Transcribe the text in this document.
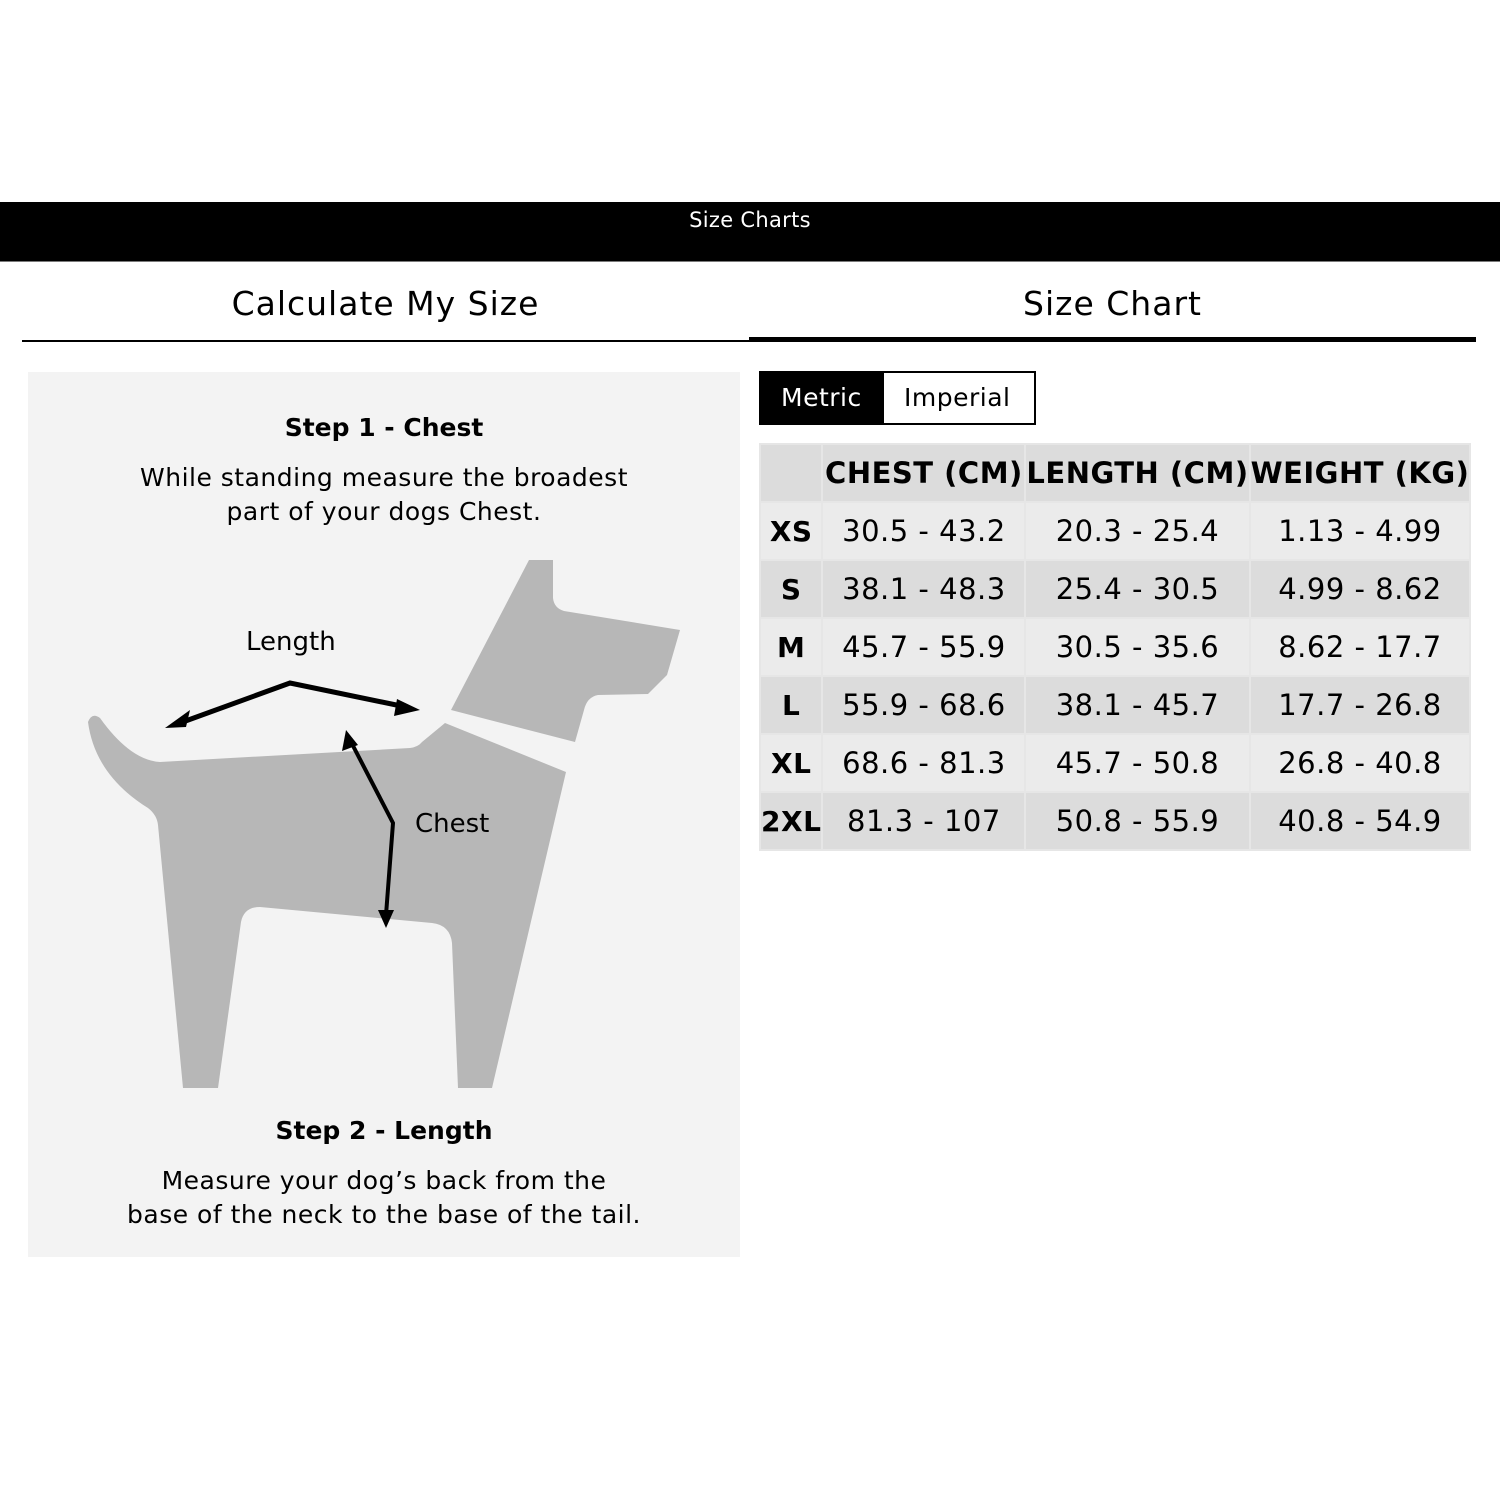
Size Charts
Calculate My Size	Size Chart
Step 1 - Chest
While standing measure the broadest
part of your dogs Chest.
Length
Chest
Step 2 - Length
Measure your dog’s back from the
base of the neck to the base of the tail.
Metric	Imperial
	CHEST (CM)	LENGTH (CM)	WEIGHT (KG)
XS	30.5 - 43.2	20.3 - 25.4	1.13 - 4.99
S	38.1 - 48.3	25.4 - 30.5	4.99 - 8.62
M	45.7 - 55.9	30.5 - 35.6	8.62 - 17.7
L	55.9 - 68.6	38.1 - 45.7	17.7 - 26.8
XL	68.6 - 81.3	45.7 - 50.8	26.8 - 40.8
2XL	81.3 - 107	50.8 - 55.9	40.8 - 54.9
